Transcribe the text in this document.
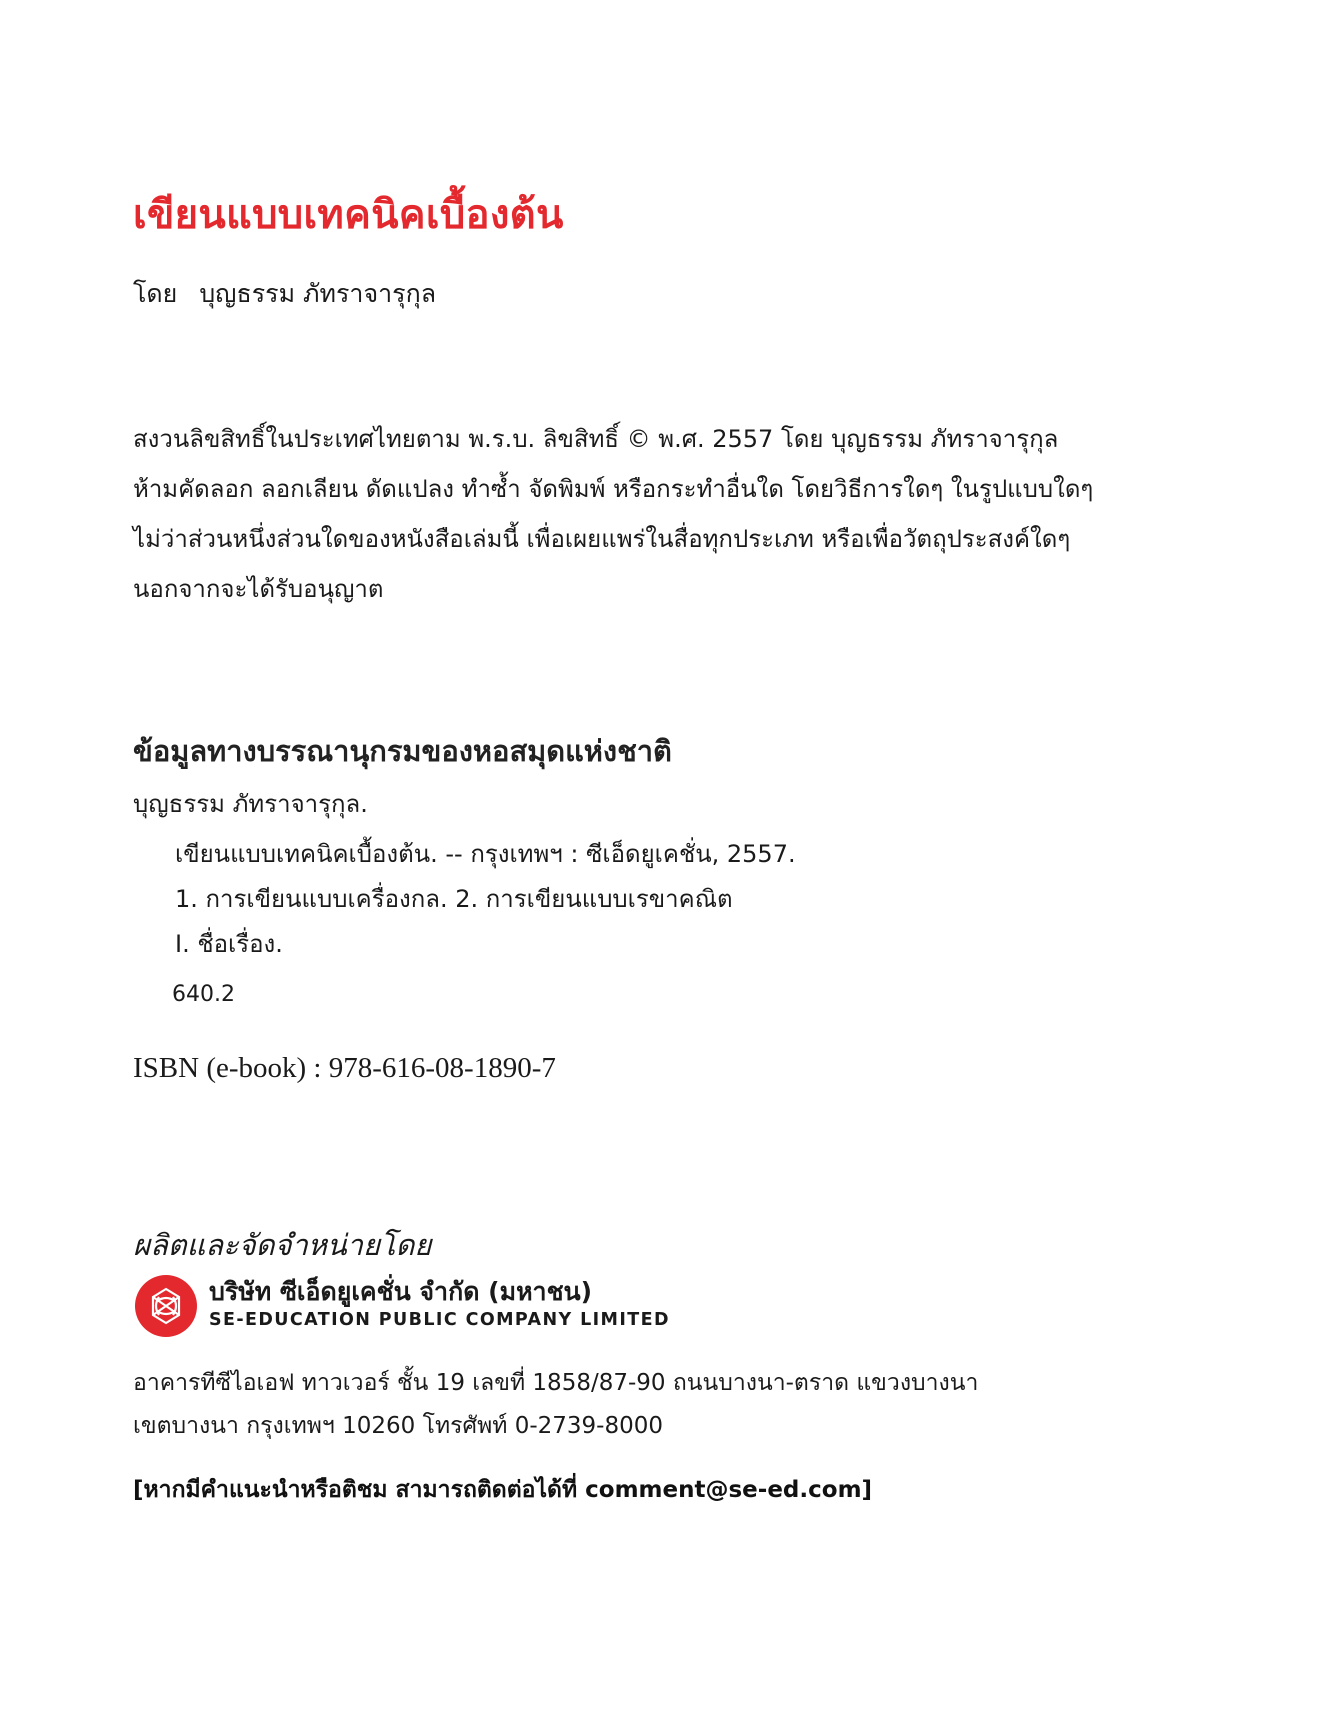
เขียนแบบเทคนิคเบื้องต้น
โดย บุญธรรม ภัทราจารุกุล
สงวนลิขสิทธิ์ในประเทศไทยตาม พ.ร.บ. ลิขสิทธิ์ © พ.ศ. 2557 โดย บุญธรรม ภัทราจารุกุล
ห้ามคัดลอก ลอกเลียน ดัดแปลง ทำซ้ำ จัดพิมพ์ หรือกระทำอื่นใด โดยวิธีการใดๆ ในรูปแบบใดๆ
ไม่ว่าส่วนหนึ่งส่วนใดของหนังสือเล่มนี้ เพื่อเผยแพร่ในสื่อทุกประเภท หรือเพื่อวัตถุประสงค์ใดๆ
นอกจากจะได้รับอนุญาต
ข้อมูลทางบรรณานุกรมของหอสมุดแห่งชาติ
บุญธรรม ภัทราจารุกุล.
เขียนแบบเทคนิคเบื้องต้น. -- กรุงเทพฯ : ซีเอ็ดยูเคชั่น, 2557.
1. การเขียนแบบเครื่องกล. 2. การเขียนแบบเรขาคณิต
I. ชื่อเรื่อง.
640.2
ISBN (e-book) : 978-616-08-1890-7
ผลิตและจัดจำหน่ายโดย
บริษัท ซีเอ็ดยูเคชั่น จำกัด (มหาชน)
SE-EDUCATION PUBLIC COMPANY LIMITED
อาคารทีซีไอเอฟ ทาวเวอร์ ชั้น 19 เลขที่ 1858/87-90 ถนนบางนา-ตราด แขวงบางนา
เขตบางนา กรุงเทพฯ 10260 โทรศัพท์ 0-2739-8000
[หากมีคำแนะนำหรือติชม สามารถติดต่อได้ที่ comment@se-ed.com]
